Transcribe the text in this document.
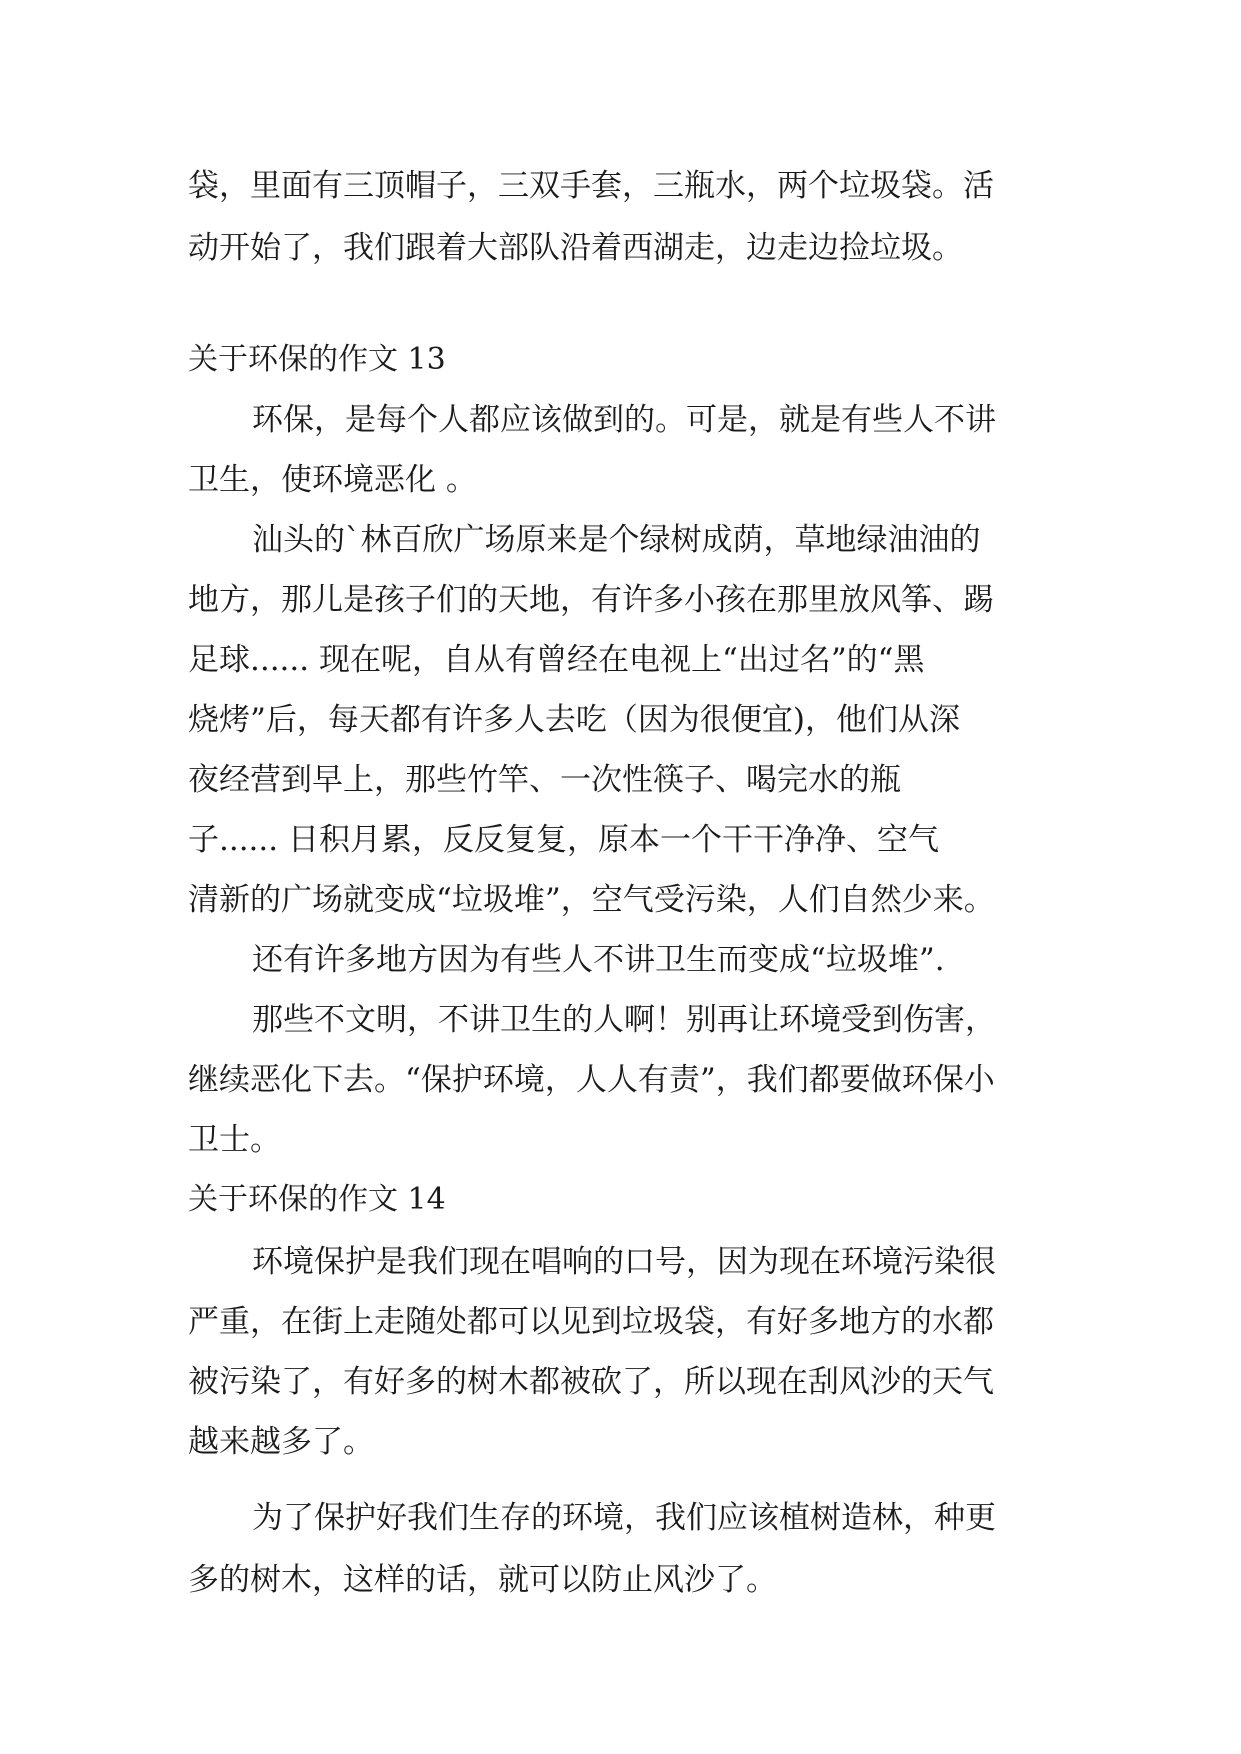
袋，里面有三顶帽子，三双手套，三瓶水，两个垃圾袋。活
动开始了，我们跟着大部队沿着西湖走，边走边捡垃圾。
关于环保的作文 13
环保，是每个人都应该做到的。可是，就是有些人不讲
卫生，使环境恶化 。
汕头的`林百欣广场原来是个绿树成荫，草地绿油油的
地方，那儿是孩子们的天地，有许多小孩在那里放风筝、踢
足球...... 现在呢，自从有曾经在电视上“出过名”的“黑
烧烤”后，每天都有许多人去吃（因为很便宜)，他们从深
夜经营到早上，那些竹竿、一次性筷子、喝完水的瓶
子...... 日积月累，反反复复，原本一个干干净净、空气
清新的广场就变成“垃圾堆”，空气受污染，人们自然少来。
还有许多地方因为有些人不讲卫生而变成“垃圾堆”.
那些不文明，不讲卫生的人啊！别再让环境受到伤害，
继续恶化下去。“保护环境，人人有责”，我们都要做环保小
卫士。
关于环保的作文 14
环境保护是我们现在唱响的口号，因为现在环境污染很
严重，在街上走随处都可以见到垃圾袋，有好多地方的水都
被污染了，有好多的树木都被砍了，所以现在刮风沙的天气
越来越多了。
为了保护好我们生存的环境，我们应该植树造林，种更
多的树木，这样的话，就可以防止风沙了。
